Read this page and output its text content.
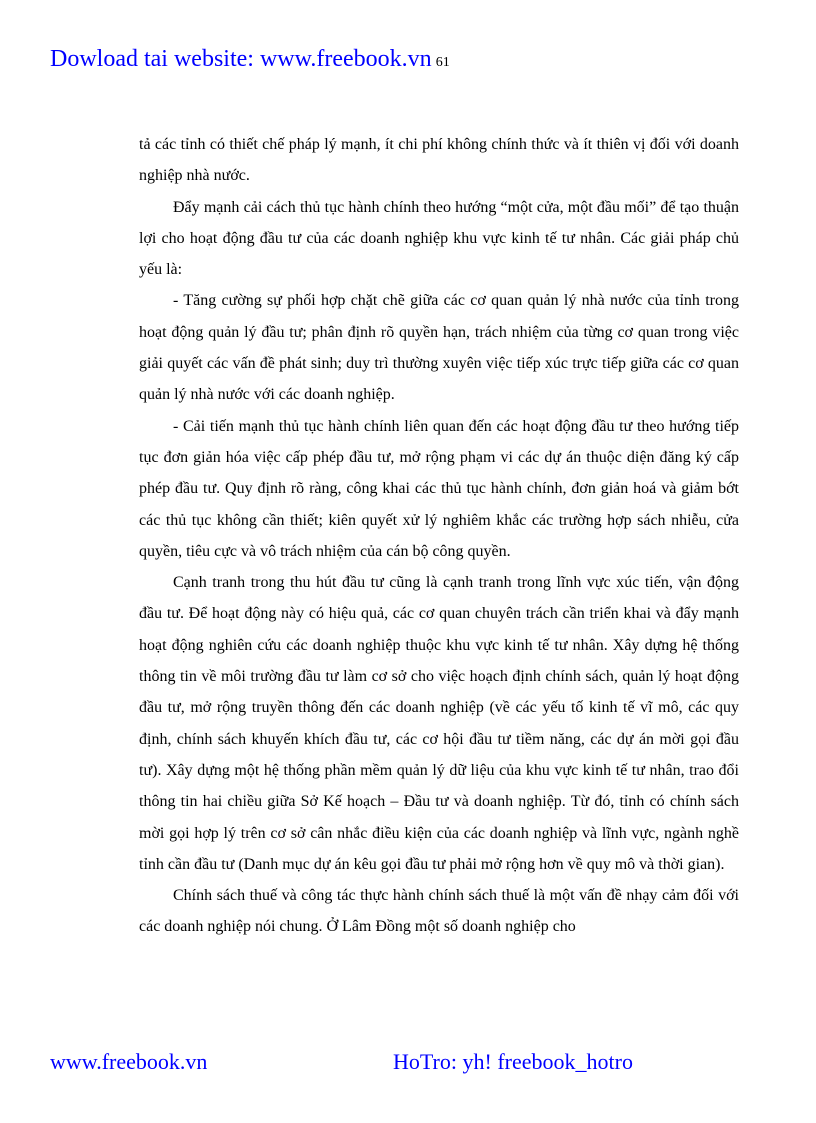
Dowload tai website: www.freebook.vn 61

tả các tỉnh có thiết chế pháp lý mạnh, ít chi phí không chính thức và ít thiên vị đối với doanh nghiệp nhà nước.

Đẩy mạnh cải cách thủ tục hành chính theo hướng “một cửa, một đầu mối” để tạo thuận lợi cho hoạt động đầu tư của các doanh nghiệp khu vực kinh tế tư nhân. Các giải pháp chủ yếu là:

- Tăng cường sự phối hợp chặt chẽ giữa các cơ quan quản lý nhà nước của tỉnh trong hoạt động quản lý đầu tư; phân định rõ quyền hạn, trách nhiệm của từng cơ quan trong việc giải quyết các vấn đề phát sinh; duy trì thường xuyên việc tiếp xúc trực tiếp giữa các cơ quan quản lý nhà nước với các doanh nghiệp.

- Cải tiến mạnh thủ tục hành chính liên quan đến các hoạt động đầu tư theo hướng tiếp tục đơn giản hóa việc cấp phép đầu tư, mở rộng phạm vi các dự án thuộc diện đăng ký cấp phép đầu tư. Quy định rõ ràng, công khai các thủ tục hành chính, đơn giản hoá và giảm bớt các thủ tục không cần thiết; kiên quyết xử lý nghiêm khắc các trường hợp sách nhiễu, cửa quyền, tiêu cực và vô trách nhiệm của cán bộ công quyền.

Cạnh tranh trong thu hút đầu tư cũng là cạnh tranh trong lĩnh vực xúc tiến, vận động đầu tư. Để hoạt động này có hiệu quả, các cơ quan chuyên trách cần triển khai và đẩy mạnh hoạt động nghiên cứu các doanh nghiệp thuộc khu vực kinh tế tư nhân. Xây dựng hệ thống thông tin về môi trường đầu tư làm cơ sở cho việc hoạch định chính sách, quản lý hoạt động đầu tư, mở rộng truyền thông đến các doanh nghiệp (về các yếu tố kinh tế vĩ mô, các quy định, chính sách khuyến khích đầu tư, các cơ hội đầu tư tiềm năng, các dự án mời gọi đầu tư). Xây dựng một hệ thống phần mềm quản lý dữ liệu của khu vực kinh tế tư nhân, trao đổi thông tin hai chiều giữa Sở Kế hoạch – Đầu tư và doanh nghiệp. Từ đó, tỉnh có chính sách mời gọi hợp lý trên cơ sở cân nhắc điều kiện của các doanh nghiệp và lĩnh vực, ngành nghề tỉnh cần đầu tư (Danh mục dự án kêu gọi đầu tư phải mở rộng hơn về quy mô và thời gian).

Chính sách thuế và công tác thực hành chính sách thuế là một vấn đề nhạy cảm đối với các doanh nghiệp nói chung. Ở Lâm Đồng một số doanh nghiệp cho

www.freebook.vn	HoTro: yh! freebook_hotro
